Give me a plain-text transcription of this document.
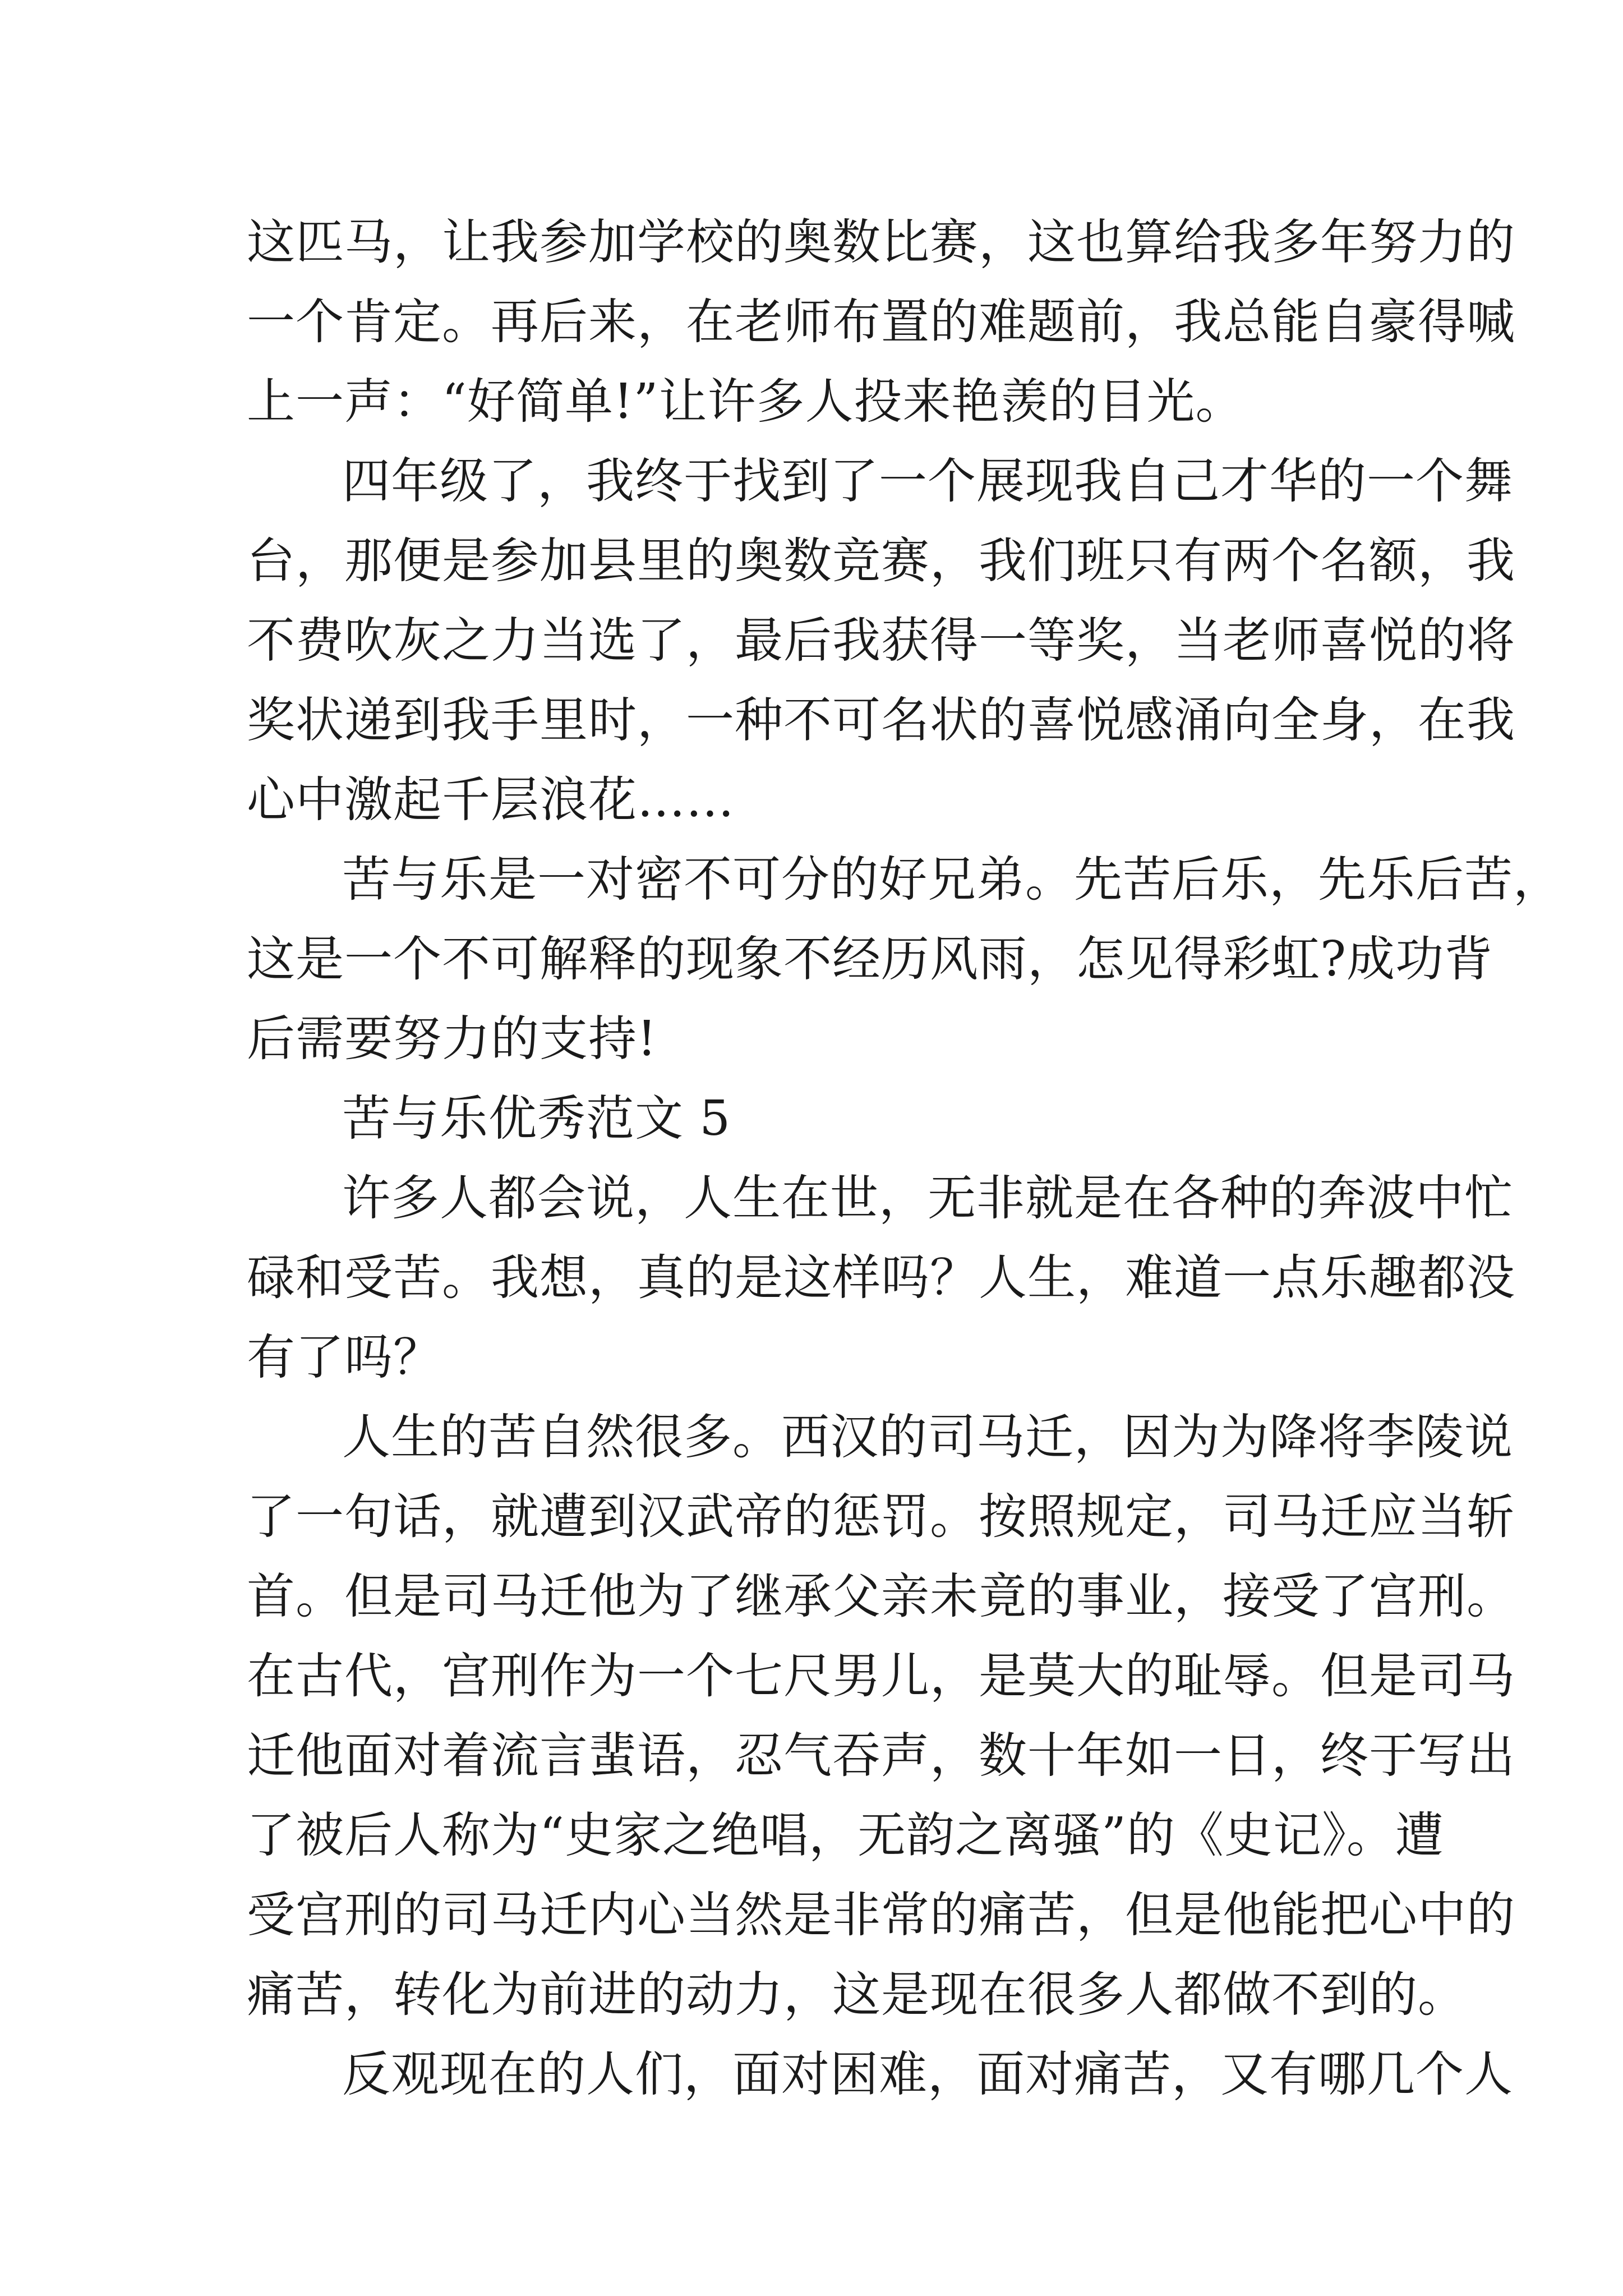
这匹马，让我参加学校的奥数比赛，这也算给我多年努力的
一个肯定。再后来，在老师布置的难题前，我总能自豪得喊
上一声：“好简单!”让许多人投来艳羡的目光。
四年级了，我终于找到了一个展现我自己才华的一个舞
台，那便是参加县里的奥数竞赛，我们班只有两个名额，我
不费吹灰之力当选了，最后我获得一等奖，当老师喜悦的将
奖状递到我手里时，一种不可名状的喜悦感涌向全身，在我
心中激起千层浪花……
苦与乐是一对密不可分的好兄弟。先苦后乐，先乐后苦，
这是一个不可解释的现象不经历风雨，怎见得彩虹?成功背
后需要努力的支持!
苦与乐优秀范文 5
许多人都会说，人生在世，无非就是在各种的奔波中忙
碌和受苦。我想，真的是这样吗？人生，难道一点乐趣都没
有了吗？
人生的苦自然很多。西汉的司马迁，因为为降将李陵说
了一句话，就遭到汉武帝的惩罚。按照规定，司马迁应当斩
首。但是司马迁他为了继承父亲未竟的事业，接受了宫刑。
在古代，宫刑作为一个七尺男儿，是莫大的耻辱。但是司马
迁他面对着流言蜚语，忍气吞声，数十年如一日，终于写出
了被后人称为“史家之绝唱，无韵之离骚”的《史记》。遭
受宫刑的司马迁内心当然是非常的痛苦，但是他能把心中的
痛苦，转化为前进的动力，这是现在很多人都做不到的。
反观现在的人们，面对困难，面对痛苦，又有哪几个人
